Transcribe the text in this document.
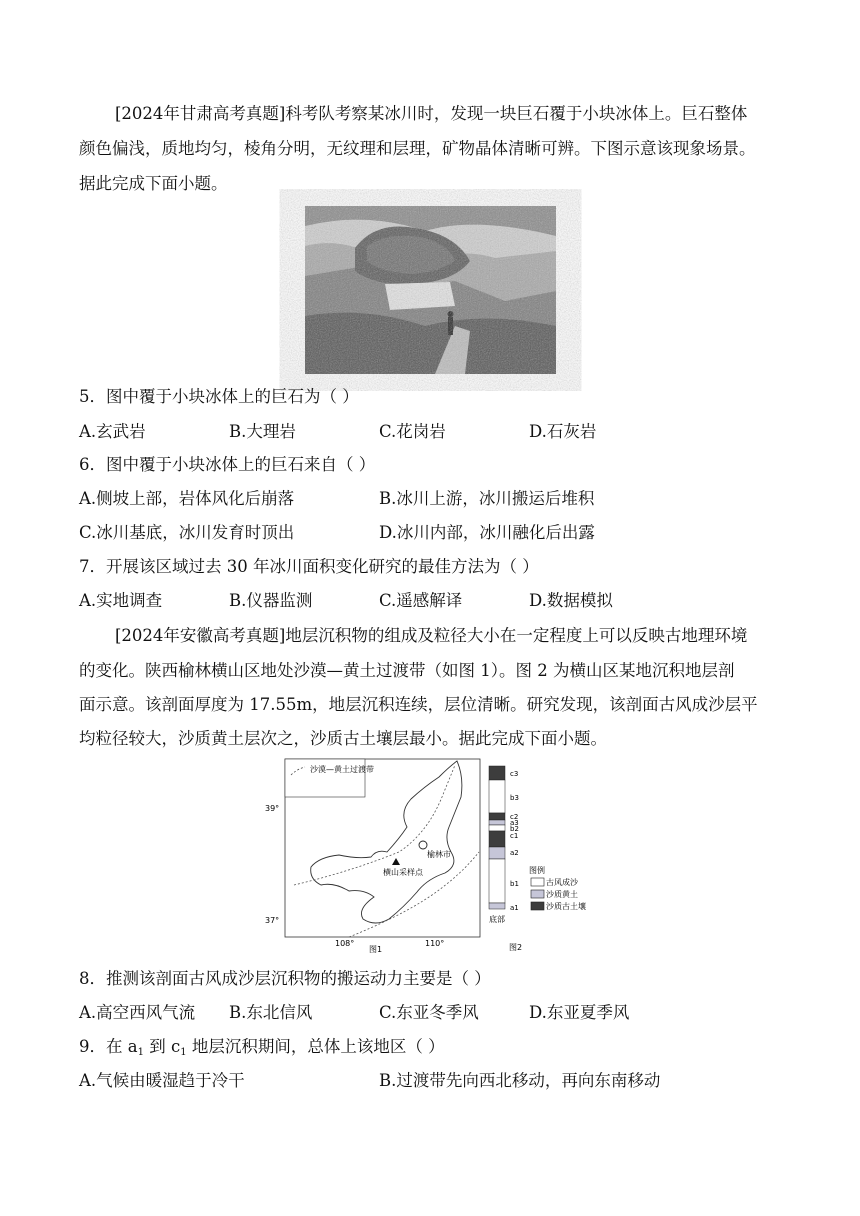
[2024年甘肃高考真题]科考队考察某冰川时，发现一块巨石覆于小块冰体上。巨石整体
颜色偏浅，质地均匀，棱角分明，无纹理和层理，矿物晶体清晰可辨。下图示意该现象场景。
据此完成下面小题。
5．图中覆于小块冰体上的巨石为（ ）
A.玄武岩	B.大理岩	C.花岗岩	D.石灰岩
6．图中覆于小块冰体上的巨石来自（ ）
A.侧坡上部，岩体风化后崩落	B.冰川上游，冰川搬运后堆积
C.冰川基底，冰川发育时顶出	D.冰川内部，冰川融化后出露
7．开展该区域过去 30 年冰川面积变化研究的最佳方法为（ ）
A.实地调查	B.仪器监测	C.遥感解译	D.数据模拟
[2024年安徽高考真题]地层沉积物的组成及粒径大小在一定程度上可以反映古地理环境
的变化。陕西榆林横山区地处沙漠—黄土过渡带（如图 1）。图 2 为横山区某地沉积地层剖
面示意。该剖面厚度为 17.55m，地层沉积连续，层位清晰。研究发现，该剖面古风成沙层平
均粒径较大，沙质黄土层次之，沙质古土壤层最小。据此完成下面小题。
沙漠—黄土过渡带
榆林市
横山采样点
39°
37°
108°	110°
图1
c3
b3
c2
a3
b2
c1
a2
b1
a1
底部
图2
图例
古风成沙
沙质黄土
沙质古土壤
8．推测该剖面古风成沙层沉积物的搬运动力主要是（ ）
A.高空西风气流 B.东北信风	C.东亚冬季风	D.东亚夏季风
9．在 $a_1$ 到 $c_1$ 地层沉积期间，总体上该地区（ ）
A.气候由暖湿趋于冷干	B.过渡带先向西北移动，再向东南移动
